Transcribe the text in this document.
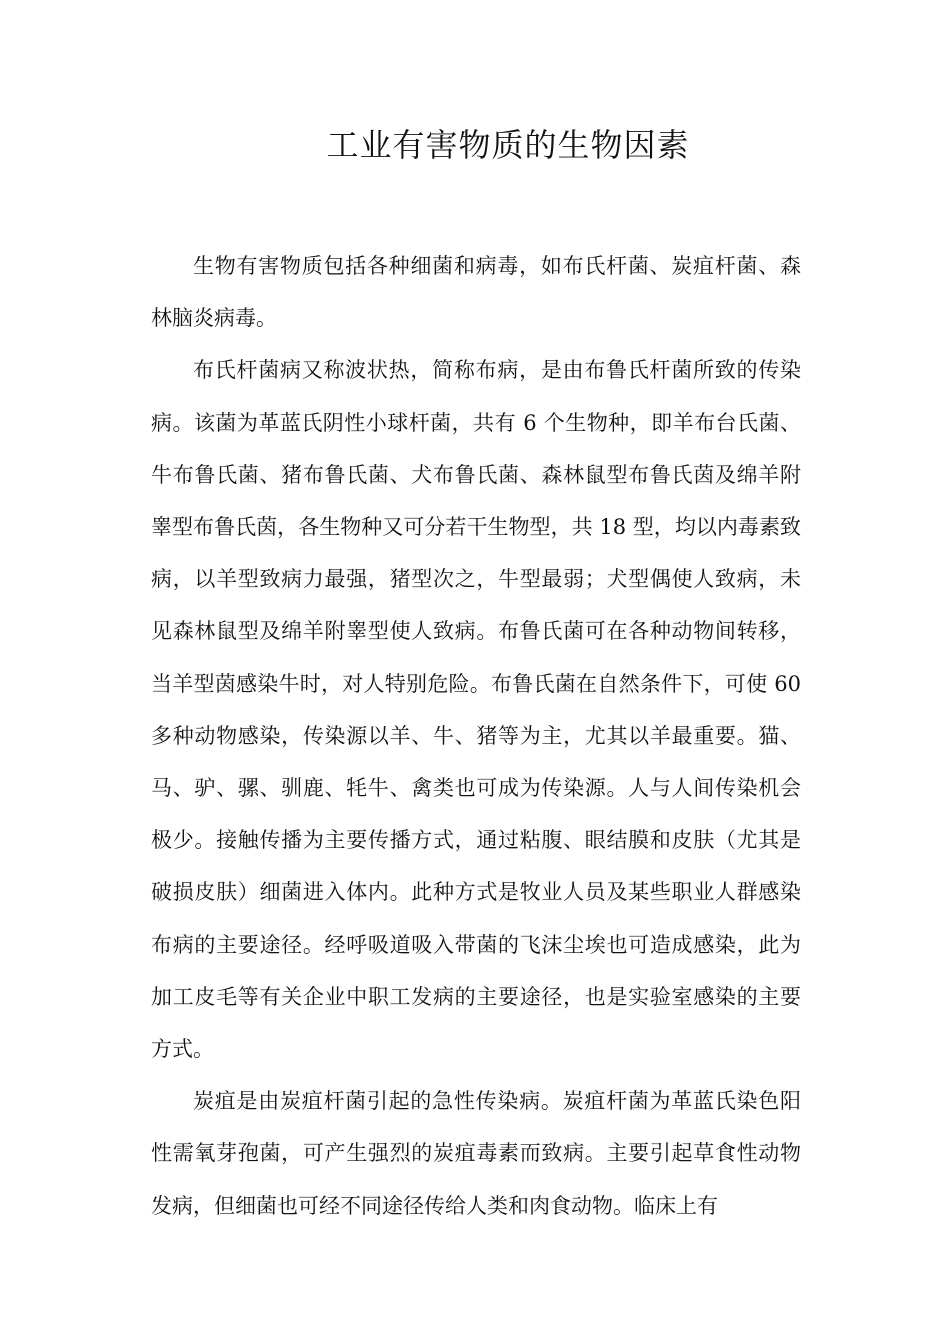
工业有害物质的生物因素

生物有害物质包括各种细菌和病毒，如布氏杆菌、炭疽杆菌、森林脑炎病毒。

布氏杆菌病又称波状热，简称布病，是由布鲁氏杆菌所致的传染病。该菌为革蓝氏阴性小球杆菌，共有 6 个生物种，即羊布台氏菌、牛布鲁氏菌、猪布鲁氏菌、犬布鲁氏菌、森林鼠型布鲁氏茵及绵羊附睾型布鲁氏茵，各生物种又可分若干生物型，共 18 型，均以内毒素致病，以羊型致病力最强，猪型次之，牛型最弱；犬型偶使人致病，未见森林鼠型及绵羊附睾型使人致病。布鲁氏菌可在各种动物间转移，当羊型茵感染牛时，对人特别危险。布鲁氏菌在自然条件下，可使 60 多种动物感染，传染源以羊、牛、猪等为主，尤其以羊最重要。猫、马、驴、骡、驯鹿、牦牛、禽类也可成为传染源。人与人间传染机会极少。接触传播为主要传播方式，通过粘腹、眼结膜和皮肤（尤其是破损皮肤）细菌进入体内。此种方式是牧业人员及某些职业人群感染布病的主要途径。经呼吸道吸入带菌的飞沫尘埃也可造成感染，此为加工皮毛等有关企业中职工发病的主要途径，也是实验室感染的主要方式。

炭疽是由炭疽杆菌引起的急性传染病。炭疽杆菌为革蓝氏染色阳性需氧芽孢菌，可产生强烈的炭疽毒素而致病。主要引起草食性动物发病，但细菌也可经不同途径传给人类和肉食动物。临床上有
